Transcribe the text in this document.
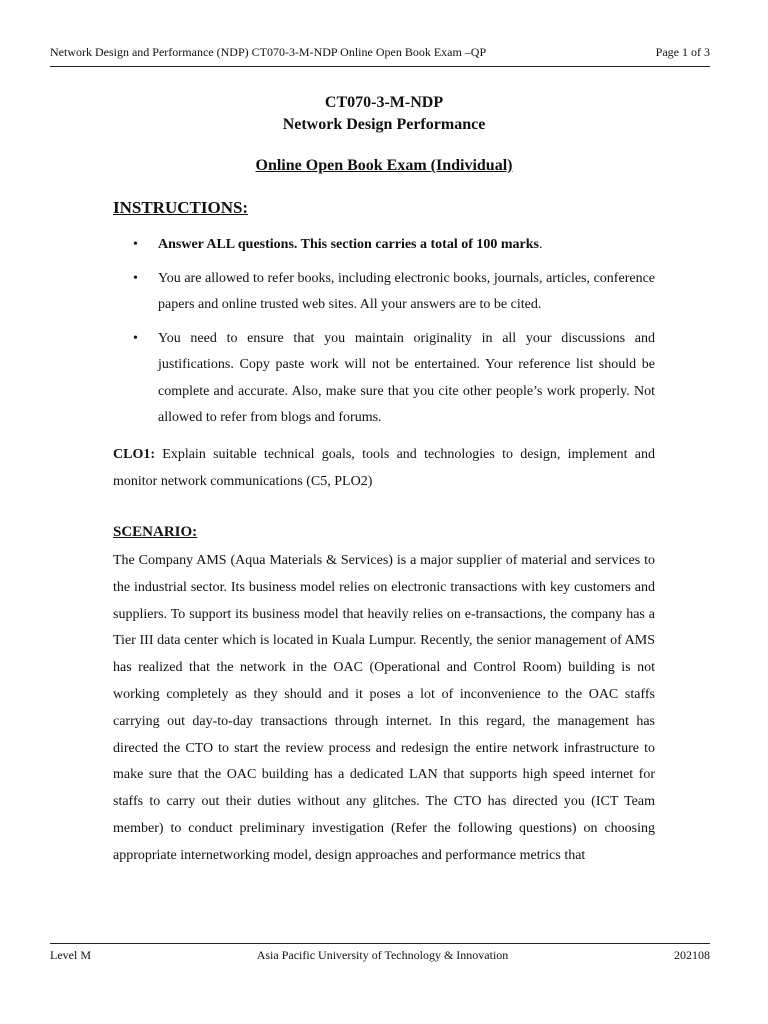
Network Design and Performance (NDP) CT070-3-M-NDP Online Open Book Exam –QP	Page 1 of 3
CT070-3-M-NDP
Network Design Performance
Online Open Book Exam (Individual)
INSTRUCTIONS:
• Answer ALL questions. This section carries a total of 100 marks.
• You are allowed to refer books, including electronic books, journals, articles, conference papers and online trusted web sites. All your answers are to be cited.
• You need to ensure that you maintain originality in all your discussions and justifications. Copy paste work will not be entertained. Your reference list should be complete and accurate. Also, make sure that you cite other people’s work properly. Not allowed to refer from blogs and forums.

CLO1: Explain suitable technical goals, tools and technologies to design, implement and monitor network communications (C5, PLO2)

SCENARIO:

The Company AMS (Aqua Materials & Services) is a major supplier of material and services to the industrial sector. Its business model relies on electronic transactions with key customers and suppliers. To support its business model that heavily relies on e-transactions, the company has a Tier III data center which is located in Kuala Lumpur. Recently, the senior management of AMS has realized that the network in the OAC (Operational and Control Room) building is not working completely as they should and it poses a lot of inconvenience to the OAC staffs carrying out day-to-day transactions through internet. In this regard, the management has directed the CTO to start the review process and redesign the entire network infrastructure to make sure that the OAC building has a dedicated LAN that supports high speed internet for staffs to carry out their duties without any glitches. The CTO has directed you (ICT Team member) to conduct preliminary investigation (Refer the following questions) on choosing appropriate internetworking model, design approaches and performance metrics that

Level M	Asia Pacific University of Technology & Innovation	202108
